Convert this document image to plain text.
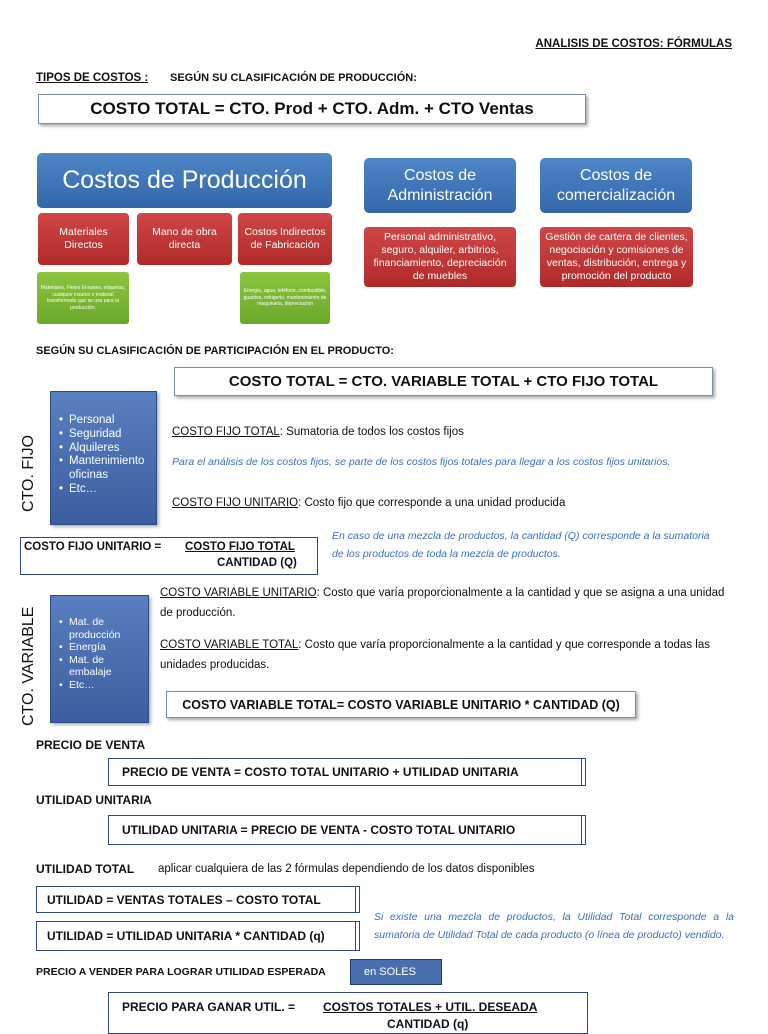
ANALISIS DE COSTOS: FÓRMULAS
TIPOS DE COSTOS : SEGÚN SU CLASIFICACIÓN DE PRODUCCIÓN:
COSTO TOTAL = CTO. Prod + CTO. Adm. + CTO Ventas
Costos de Producción
Materiales Directos
Mano de obra directa
Costos Indirectos de Fabricación
Materiales, Fletes Envases, etiquetas, cualquier insumo o material transformado que se usa para la producción.
Energía, agua, teléfono, combustible, guantes, refrigerio, mantenimiento de maquinaria, depreciación
Costos de Administración
Personal administrativo, seguro, alquiler, arbitrios, financiamiento, depreciación de muebles
Costos de comercialización
Gestión de cartera de clientes, negociación y comisiones de ventas, distribución, entrega y promoción del producto
SEGÚN SU CLASIFICACIÓN DE PARTICIPACIÓN EN EL PRODUCTO:
COSTO TOTAL = CTO. VARIABLE TOTAL + CTO FIJO TOTAL
CTO. FIJO
• Personal
• Seguridad
• Alquileres
• Mantenimiento oficinas
• Etc…
COSTO FIJO TOTAL: Sumatoria de todos los costos fijos
Para el análisis de los costos fijos, se parte de los costos fijos totales para llegar a los costos fijos unitarios.
COSTO FIJO UNITARIO: Costo fijo que corresponde a una unidad producida
COSTO FIJO UNITARIO = COSTO FIJO TOTAL
CANTIDAD (Q)
En caso de una mezcla de productos, la cantidad (Q) corresponde a la sumatoria de los productos de toda la mezcla de productos.
CTO. VARIABLE
•	Mat. de producción
• Energía
• Mat. de embalaje
• Etc…
COSTO VARIABLE UNITARIO: Costo que varía proporcionalmente a la cantidad y que se asigna a una unidad de producción.
COSTO VARIABLE TOTAL: Costo que varía proporcionalmente a la cantidad y que corresponde a todas las unidades producidas.
COSTO VARIABLE TOTAL= COSTO VARIABLE UNITARIO * CANTIDAD (Q)
PRECIO DE VENTA
PRECIO DE VENTA = COSTO TOTAL UNITARIO + UTILIDAD UNITARIA
UTILIDAD UNITARIA
UTILIDAD UNITARIA = PRECIO DE VENTA - COSTO TOTAL UNITARIO
UTILIDAD TOTAL aplicar cualquiera de las 2 fórmulas dependiendo de los datos disponibles
UTILIDAD = VENTAS TOTALES – COSTO TOTAL
UTILIDAD = UTILIDAD UNITARIA * CANTIDAD (q)
Si existe una mezcla de productos, la Utilidad Total corresponde a la sumatoria de Utilidad Total de cada producto (o línea de producto) vendido.
PRECIO A VENDER PARA LOGRAR UTILIDAD ESPERADA	en SOLES
PRECIO PARA GANAR UTIL. = COSTOS TOTALES + UTIL. DESEADA
CANTIDAD (q)
